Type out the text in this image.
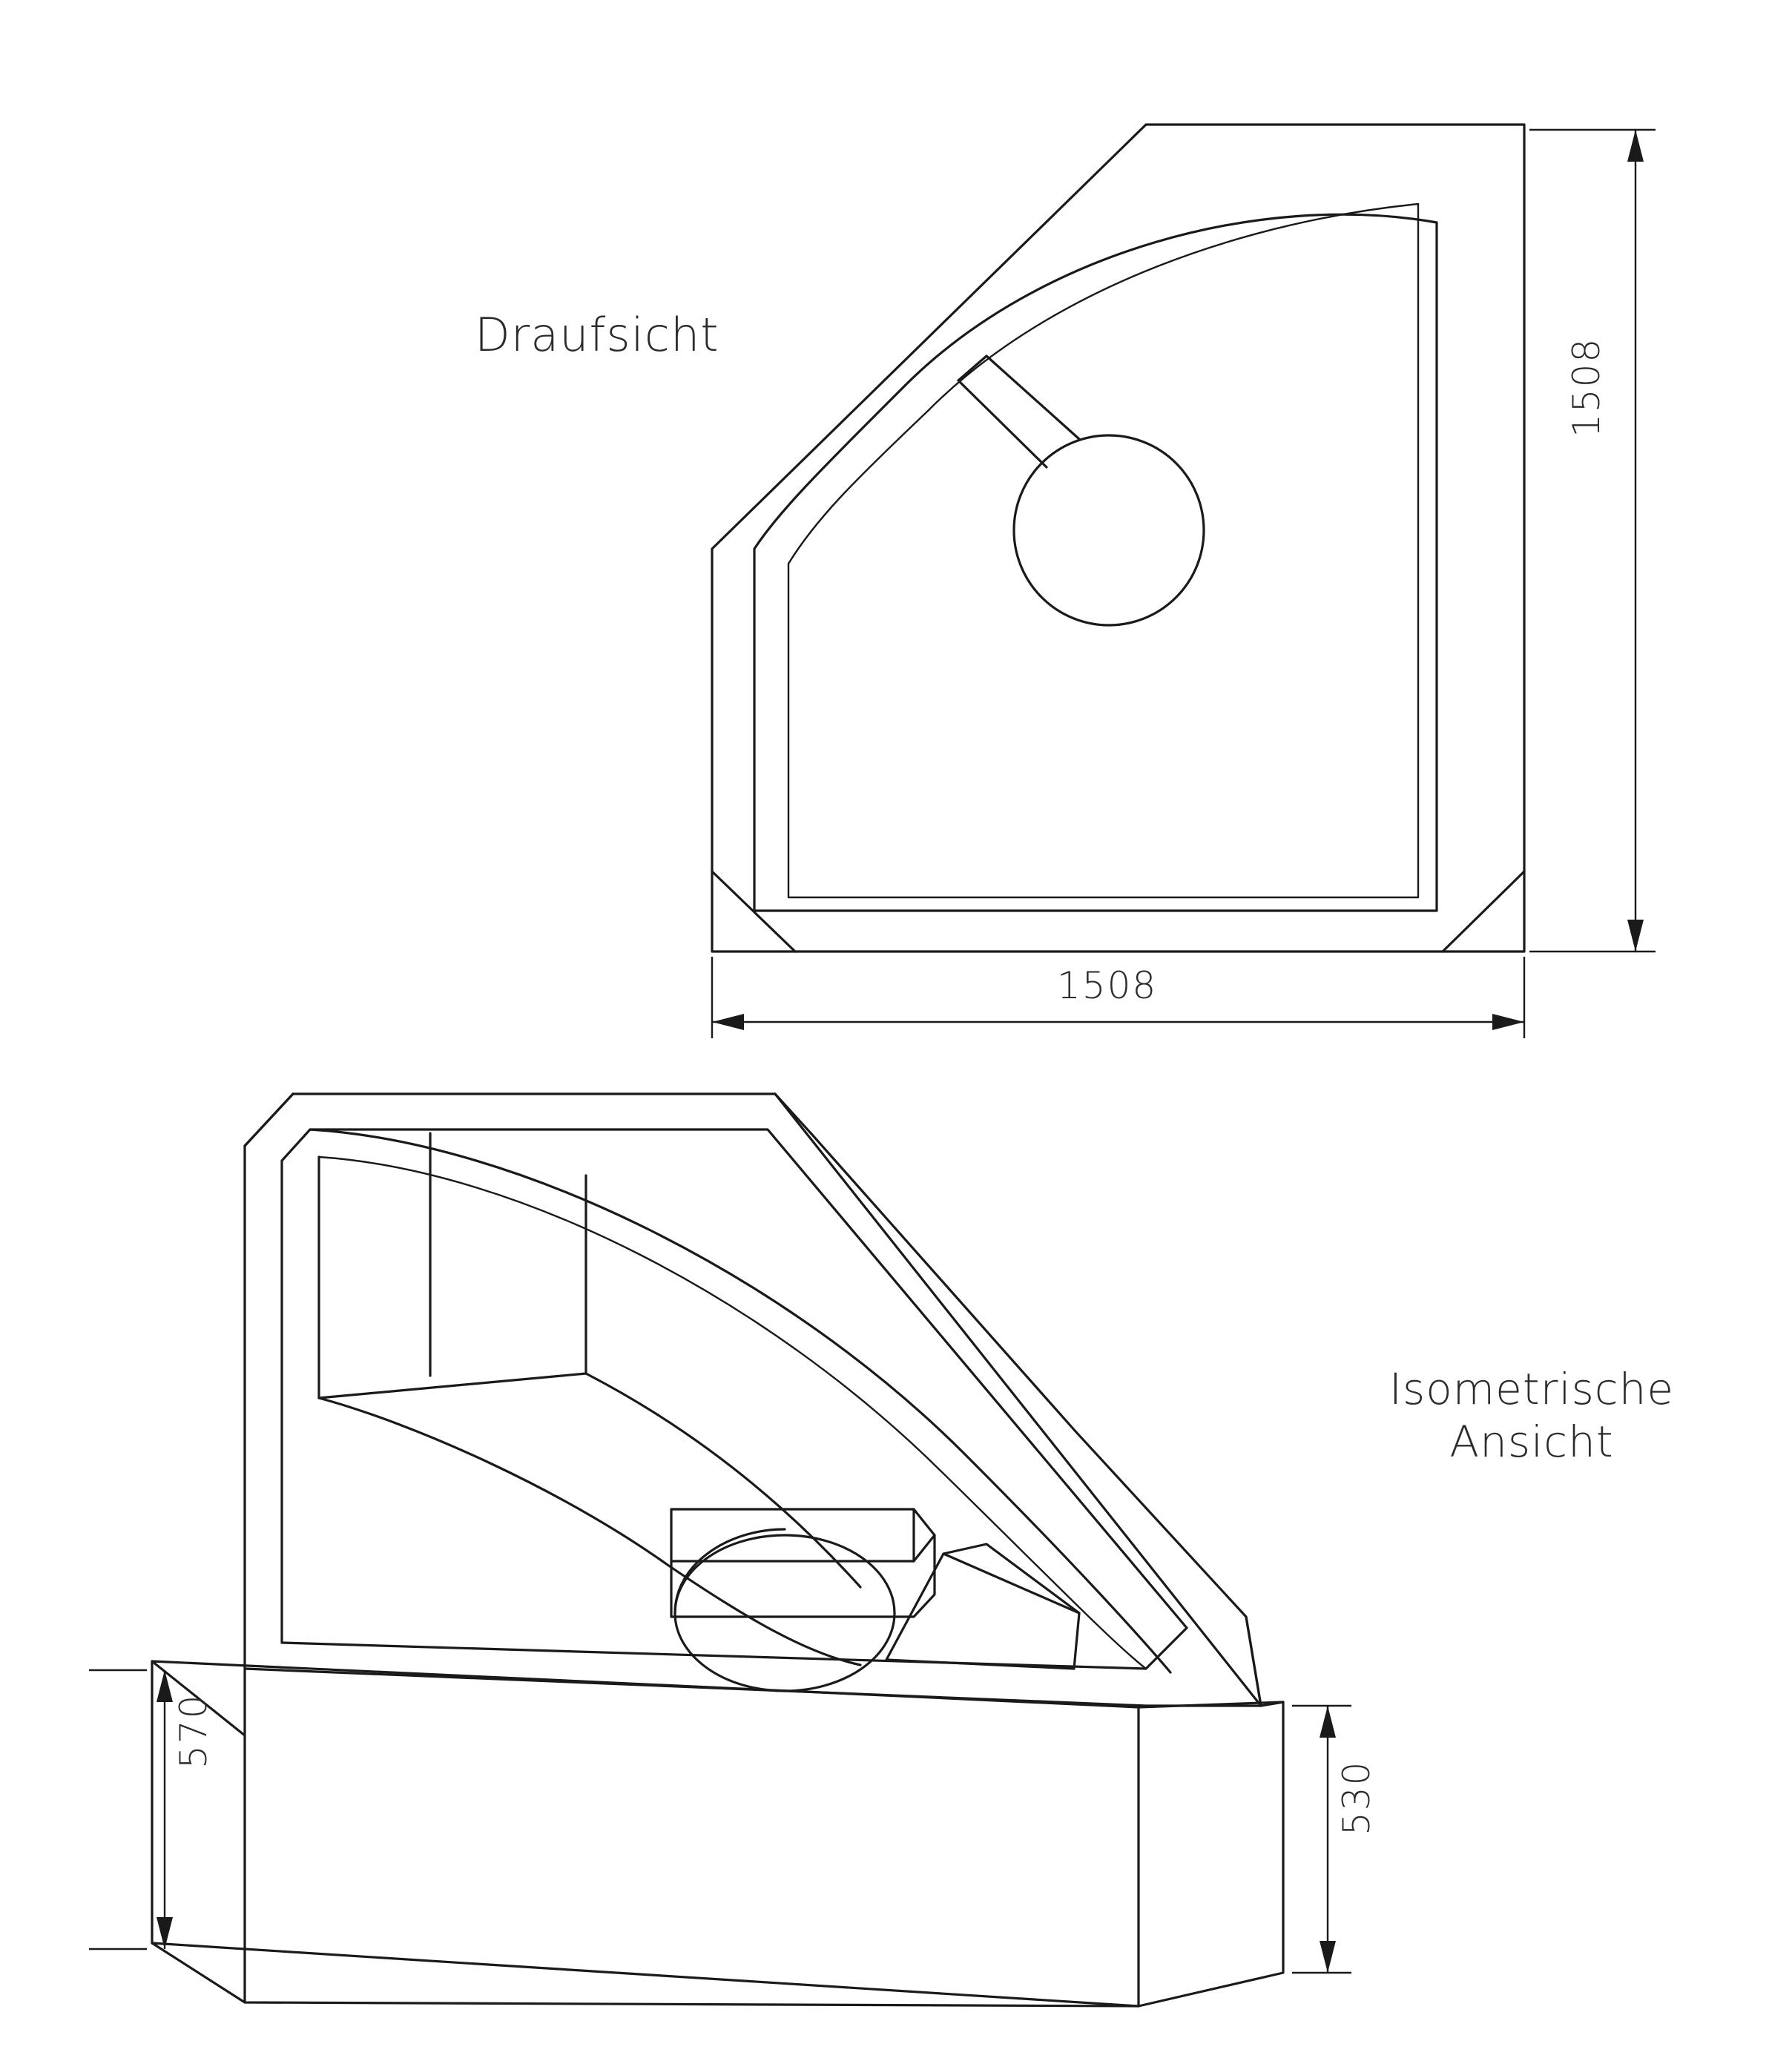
Draufsicht
Isometrische
Ansicht
1508
1508
570
530
